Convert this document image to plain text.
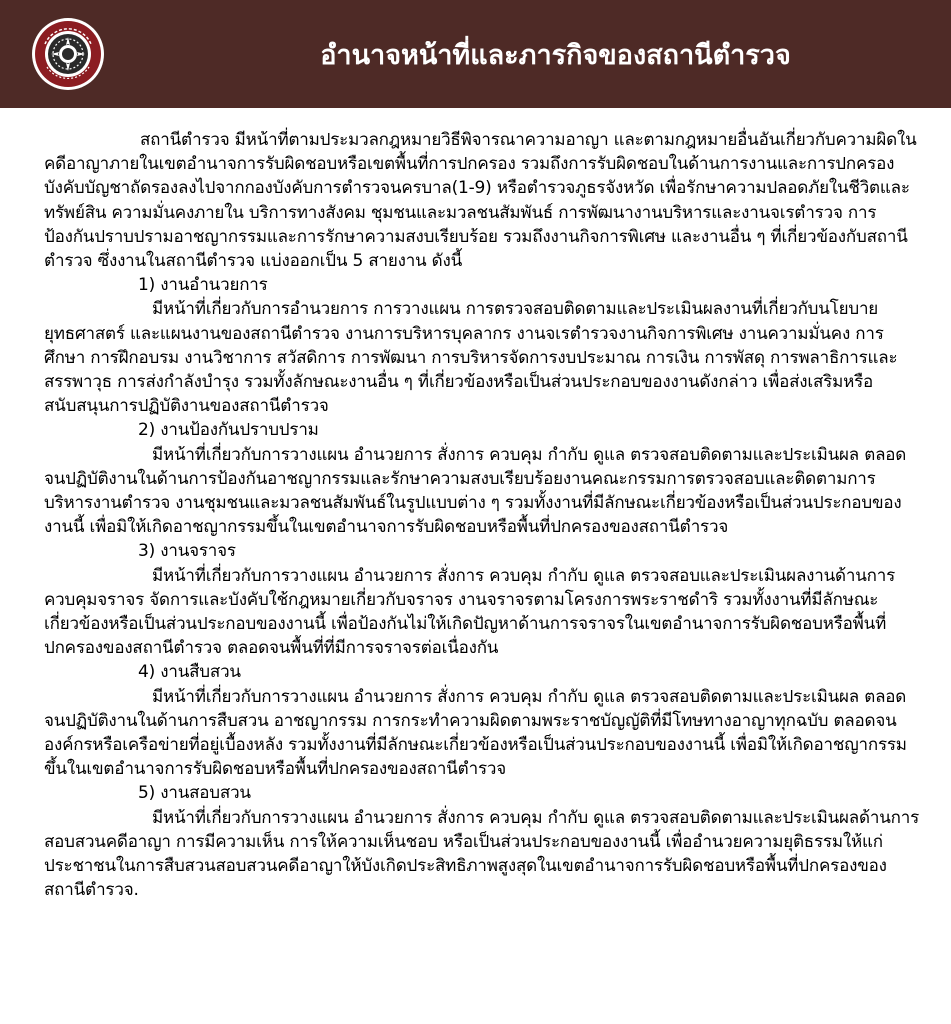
อำนาจหน้าที่และภารกิจของสถานีตำรวจ

สถานีตำรวจ มีหน้าที่ตามประมวลกฎหมายวิธีพิจารณาความอาญา และตามกฎหมายอื่นอันเกี่ยวกับความผิดในคดีอาญาภายในเขตอำนาจการรับผิดชอบหรือเขตพื้นที่การปกครอง รวมถึงการรับผิดชอบในด้านการงานและการปกครองบังคับบัญชาถัดรองลงไปจากกองบังคับการตำรวจนครบาล(1-9) หรือตำรวจภูธรจังหวัด เพื่อรักษาความปลอดภัยในชีวิตและทรัพย์สิน ความมั่นคงภายใน บริการทางสังคม ชุมชนและมวลชนสัมพันธ์ การพัฒนางานบริหารและงานจเรตำรวจ การป้องกันปราบปรามอาชญากรรมและการรักษาความสงบเรียบร้อย รวมถึงงานกิจการพิเศษ และงานอื่น ๆ ที่เกี่ยวข้องกับสถานีตำรวจ ซึ่งงานในสถานีตำรวจ แบ่งออกเป็น 5 สายงาน ดังนี้

1) งานอำนวยการ

มีหน้าที่เกี่ยวกับการอำนวยการ การวางแผน การตรวจสอบติดตามและประเมินผลงานที่เกี่ยวกับนโยบาย ยุทธศาสตร์ และแผนงานของสถานีตำรวจ งานการบริหารบุคลากร งานจเรตำรวจงานกิจการพิเศษ งานความมั่นคง การศึกษา การฝึกอบรม งานวิชาการ สวัสดิการ การพัฒนา การบริหารจัดการงบประมาณ การเงิน การพัสดุ การพลาธิการและสรรพาวุธ การส่งกำลังบำรุง รวมทั้งลักษณะงานอื่น ๆ ที่เกี่ยวข้องหรือเป็นส่วนประกอบของงานดังกล่าว เพื่อส่งเสริมหรือสนับสนุนการปฏิบัติงานของสถานีตำรวจ

2) งานป้องกันปราบปราม

มีหน้าที่เกี่ยวกับการวางแผน อำนวยการ สั่งการ ควบคุม กำกับ ดูแล ตรวจสอบติดตามและประเมินผล ตลอดจนปฏิบัติงานในด้านการป้องกันอาชญากรรมและรักษาความสงบเรียบร้อยงานคณะกรรมการตรวจสอบและติดตามการบริหารงานตำรวจ งานชุมชนและมวลชนสัมพันธ์ในรูปแบบต่าง ๆ รวมทั้งงานที่มีลักษณะเกี่ยวข้องหรือเป็นส่วนประกอบของงานนี้ เพื่อมิให้เกิดอาชญากรรมขึ้นในเขตอำนาจการรับผิดชอบหรือพื้นที่ปกครองของสถานีตำรวจ

3) งานจราจร

มีหน้าที่เกี่ยวกับการวางแผน อำนวยการ สั่งการ ควบคุม กำกับ ดูแล ตรวจสอบและประเมินผลงานด้านการควบคุมจราจร จัดการและบังคับใช้กฎหมายเกี่ยวกับจราจร งานจราจรตามโครงการพระราชดำริ รวมทั้งงานที่มีลักษณะเกี่ยวข้องหรือเป็นส่วนประกอบของงานนี้ เพื่อป้องกันไม่ให้เกิดปัญหาด้านการจราจรในเขตอำนาจการรับผิดชอบหรือพื้นที่ปกครองของสถานีตำรวจ ตลอดจนพื้นที่ที่มีการจราจรต่อเนื่องกัน

4) งานสืบสวน

มีหน้าที่เกี่ยวกับการวางแผน อำนวยการ สั่งการ ควบคุม กำกับ ดูแล ตรวจสอบติดตามและประเมินผล ตลอดจนปฏิบัติงานในด้านการสืบสวน อาชญากรรม การกระทำความผิดตามพระราชบัญญัติที่มีโทษทางอาญาทุกฉบับ ตลอดจนองค์กรหรือเครือข่ายที่อยู่เบื้องหลัง รวมทั้งงานที่มีลักษณะเกี่ยวข้องหรือเป็นส่วนประกอบของงานนี้ เพื่อมิให้เกิดอาชญากรรมขึ้นในเขตอำนาจการรับผิดชอบหรือพื้นที่ปกครองของสถานีตำรวจ

5) งานสอบสวน

มีหน้าที่เกี่ยวกับการวางแผน อำนวยการ สั่งการ ควบคุม กำกับ ดูแล ตรวจสอบติดตามและประเมินผลด้านการสอบสวนคดีอาญา การมีความเห็น การให้ความเห็นชอบ หรือเป็นส่วนประกอบของงานนี้ เพื่ออำนวยความยุติธรรมให้แก่ประชาชนในการสืบสวนสอบสวนคดีอาญาให้บังเกิดประสิทธิภาพสูงสุดในเขตอำนาจการรับผิดชอบหรือพื้นที่ปกครองของสถานีตำรวจ.
